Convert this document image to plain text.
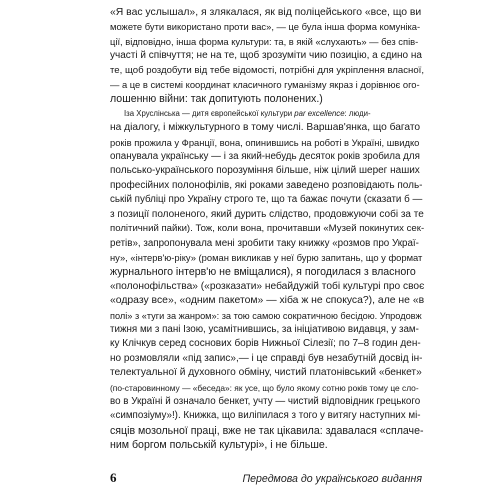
«Я вас услышал», я злякалася, як від поліцейського «все, що ви

можете бути використано проти вас», — це була інша форма комуніка-

ції, відповідно, інша форма культури: та, в якій «слухають» — без спів-

участі й співчуття; не на те, щоб зрозуміти чию позицію, а єдино на

те, щоб роздобути від тебе відомості, потрібні для укріплення власної,

— а це в системі координат класичного гуманізму якраз і дорівнює ого-

лошенню війни: так допитують полонених.)

Іза Хруслінська — дитя європейської культури par excellence: люди-

на діалогу, і міжкультурного в тому числі. Варшав'янка, що багато

років прожила у Франції, вона, опинившись на роботі в Україні, швидко

опанувала українську — і за який-небудь десяток років зробила для

польсько-українського порозуміння більше, ніж цілий шерег наших

професійних полонофілів, які роками заведено розповідають поль-

ській публіці про Україну строго те, що та бажає почути (сказати б —

з позиції полоненого, який дурить слідство, продовжуючи собі за те

політичний пайки). Тож, коли вона, прочитавши «Музей покинутих сек-

ретів», запропонувала мені зробити таку книжку «розмов про Украї-

ну», «інтерв'ю-ріку» (роман викликав у неї бурю запитань, що у формат

журнального інтерв'ю не вміщалися), я погодилася з власного

«полонофільства» («розказати» небайдужій тобі культурі про своє

«одразу все», «одним пакетом» — хіба ж не спокуса?), але не «в

полі» з «туги за жанром»: за тою самою сократичною бесідою. Упродовж

тижня ми з пані Ізою, усамітнившись, за ініціативою видавця, у зам-

ку Клічкув серед соснових борів Нижньої Сілезії; по 7–8 годин ден-

но розмовляли «під запис»,— і це справді був незабутній досвід ін-

телектуальної й духовного обміну, чистий платонівський «бенкет»

(по-старовинному — «беседа»: як усе, що було якому сотню років тому це сло-

во в Україні й означало бенкет, учту — чистий відповідник грецького

«симпозіуму»!). Книжка, що виліпилася з того у витягу наступних мі-

сяців мозольної праці, вже не так цікавила: здавалася «сплаче-

ним боргом польській культурі», і не більше.

6	Передмова до українського видання
